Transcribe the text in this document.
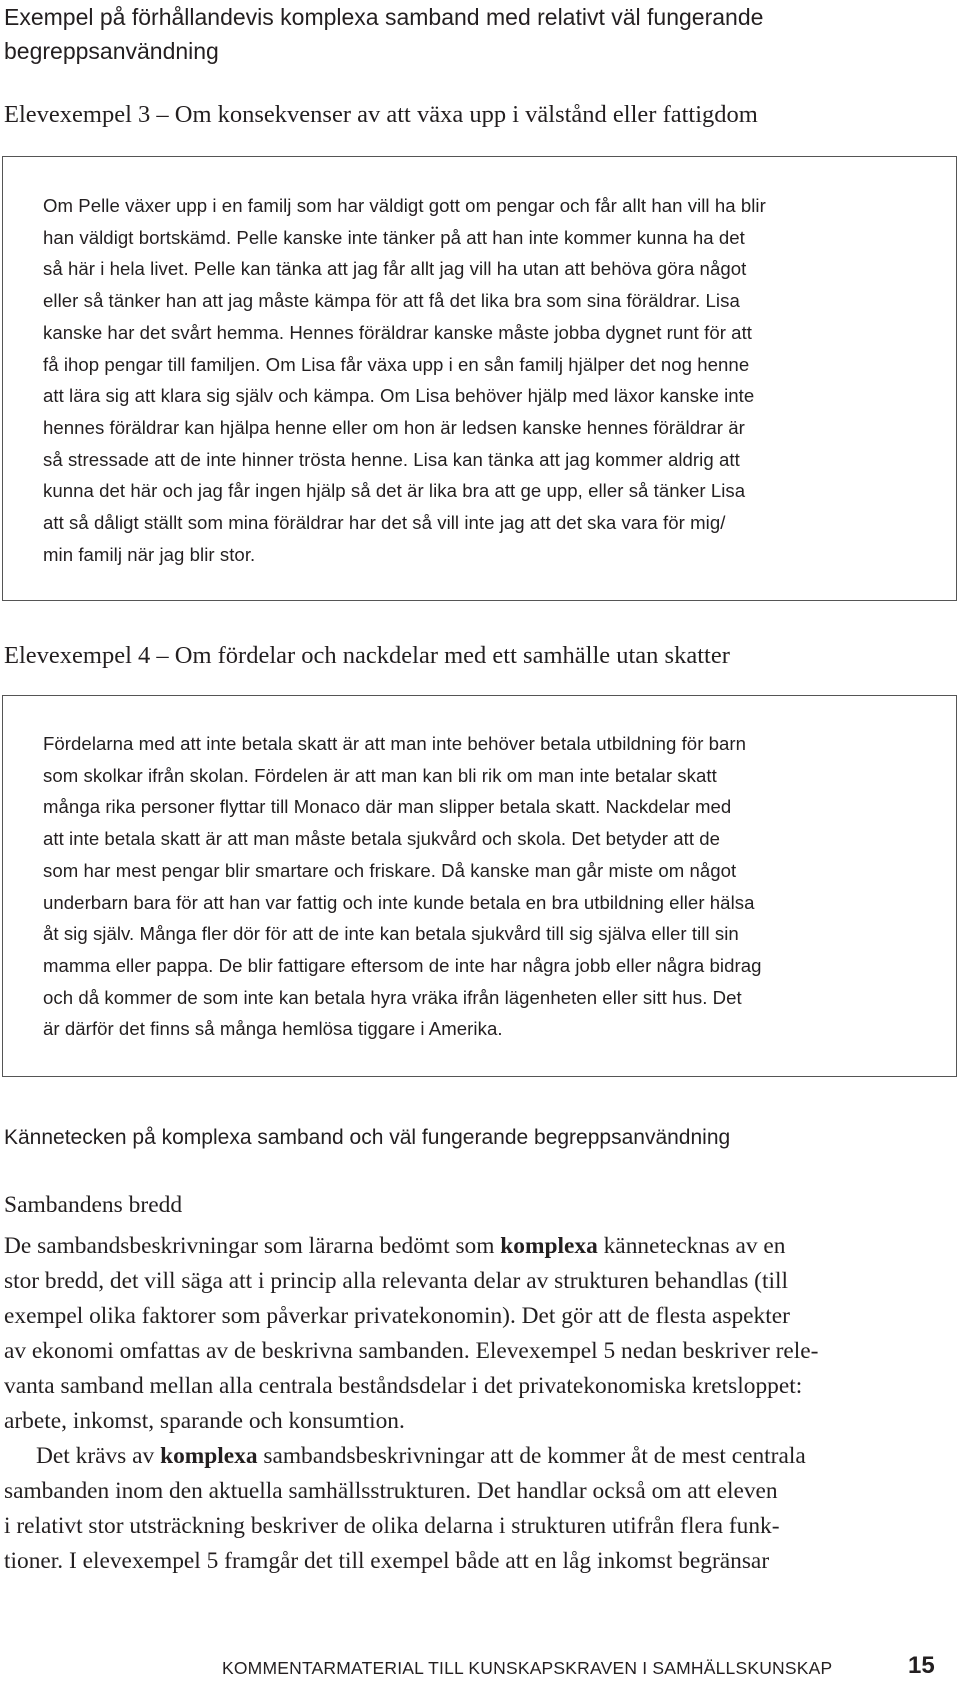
Exempel på förhållandevis komplexa samband med relativt väl fungerande
begreppsanvändning
Elevexempel 3 – Om konsekvenser av att växa upp i välstånd eller fattigdom

Om Pelle växer upp i en familj som har väldigt gott om pengar och får allt han vill ha blir
han väldigt bortskämd. Pelle kanske inte tänker på att han inte kommer kunna ha det
så här i hela livet. Pelle kan tänka att jag får allt jag vill ha utan att behöva göra något
eller så tänker han att jag måste kämpa för att få det lika bra som sina föräldrar. Lisa
kanske har det svårt hemma. Hennes föräldrar kanske måste jobba dygnet runt för att
få ihop pengar till familjen. Om Lisa får växa upp i en sån familj hjälper det nog henne
att lära sig att klara sig själv och kämpa. Om Lisa behöver hjälp med läxor kanske inte
hennes föräldrar kan hjälpa henne eller om hon är ledsen kanske hennes föräldrar är
så stressade att de inte hinner trösta henne. Lisa kan tänka att jag kommer aldrig att
kunna det här och jag får ingen hjälp så det är lika bra att ge upp, eller så tänker Lisa
att så dåligt ställt som mina föräldrar har det så vill inte jag att det ska vara för mig/
min familj när jag blir stor.

Elevexempel 4 – Om fördelar och nackdelar med ett samhälle utan skatter

Fördelarna med att inte betala skatt är att man inte behöver betala utbildning för barn
som skolkar ifrån skolan. Fördelen är att man kan bli rik om man inte betalar skatt
många rika personer flyttar till Monaco där man slipper betala skatt. Nackdelar med
att inte betala skatt är att man måste betala sjukvård och skola. Det betyder att de
som har mest pengar blir smartare och friskare. Då kanske man går miste om något
underbarn bara för att han var fattig och inte kunde betala en bra utbildning eller hälsa
åt sig själv. Många fler dör för att de inte kan betala sjukvård till sig själva eller till sin
mamma eller pappa. De blir fattigare eftersom de inte har några jobb eller några bidrag
och då kommer de som inte kan betala hyra vräka ifrån lägenheten eller sitt hus. Det
är därför det finns så många hemlösa tiggare i Amerika.

Kännetecken på komplexa samband och väl fungerande begreppsanvändning
Sambandens bredd
De sambandsbeskrivningar som lärarna bedömt som komplexa kännetecknas av en
stor bredd, det vill säga att i princip alla relevanta delar av strukturen behandlas (till
exempel olika faktorer som påverkar privatekonomin). Det gör att de flesta aspekter
av ekonomi omfattas av de beskrivna sambanden. Elevexempel 5 nedan beskriver rele-
vanta samband mellan alla centrala beståndsdelar i det privatekonomiska kretsloppet:
arbete, inkomst, sparande och konsumtion.
Det krävs av komplexa sambandsbeskrivningar att de kommer åt de mest centrala
sambanden inom den aktuella samhällsstrukturen. Det handlar också om att eleven
i relativt stor utsträckning beskriver de olika delarna i strukturen utifrån flera funk-
tioner. I elevexempel 5 framgår det till exempel både att en låg inkomst begränsar
KOMMENTARMATERIAL TILL KUNSKAPSKRAVEN I SAMHÄLLSKUNSKAP	15
